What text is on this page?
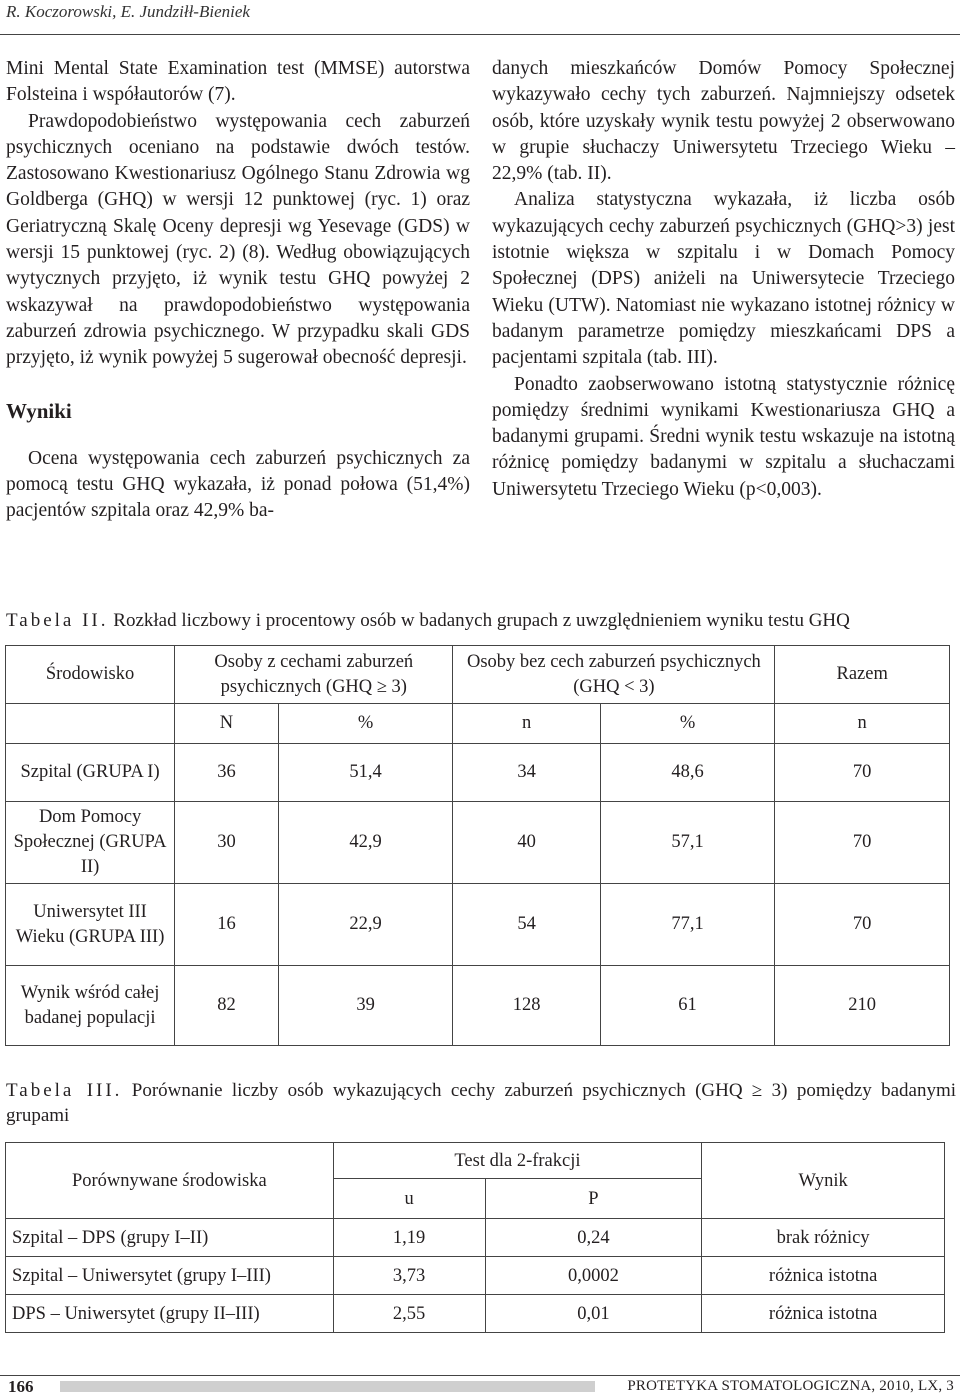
R. Koczorowski, E. Jundziłł-Bieniek

Mini Mental State Examination test (MMSE) autorstwa Folsteina i współautorów (7).

Prawdopodobieństwo występowania cech zaburzeń psychicznych oceniano na podstawie dwóch testów. Zastosowano Kwestionariusz Ogólnego Stanu Zdrowia wg Goldberga (GHQ) w wersji 12 punktowej (ryc. 1) oraz Geriatryczną Skalę Oceny depresji wg Yesevage (GDS) w wersji 15 punktowej (ryc. 2) (8). Według obowiązujących wytycznych przyjęto, iż wynik testu GHQ powyżej 2 wskazywał na prawdopodobieństwo występowania zaburzeń zdrowia psychicznego. W przypadku skali GDS przyjęto, iż wynik powyżej 5 sugerował obecność depresji.

Wyniki

Ocena występowania cech zaburzeń psychicznych za pomocą testu GHQ wykazała, iż ponad połowa (51,4%) pacjentów szpitala oraz 42,9% ba-

danych mieszkańców Domów Pomocy Społecznej wykazywało cechy tych zaburzeń. Najmniejszy odsetek osób, które uzyskały wynik testu powyżej 2 obserwowano w grupie słuchaczy Uniwersytetu Trzeciego Wieku – 22,9% (tab. II).

Analiza statystyczna wykazała, iż liczba osób wykazujących cechy zaburzeń psychicznych (GHQ>3) jest istotnie większa w szpitalu i w Domach Pomocy Społecznej (DPS) aniżeli na Uniwersytecie Trzeciego Wieku (UTW). Natomiast nie wykazano istotnej różnicy w badanym parametrze pomiędzy mieszkańcami DPS a pacjentami szpitala (tab. III).

Ponadto zaobserwowano istotną statystycznie różnicę pomiędzy średnimi wynikami Kwestionariusza GHQ a badanymi grupami. Średni wynik testu wskazuje na istotną różnicę pomiędzy badanymi w szpitalu a słuchaczami Uniwersytetu Trzeciego Wieku (p<0,003).

Tabela II. Rozkład liczbowy i procentowy osób w badanych grupach z uwzględnieniem wyniku testu GHQ
Środowisko	Osoby z cechami zaburzeń psychicznych (GHQ ≥ 3)		Osoby bez cech zaburzeń psychicznych (GHQ < 3)		Razem
	N	%	n	%	n
Szpital (GRUPA I)	36	51,4	34	48,6	70
Dom Pomocy Społecznej (GRUPA II)	30	42,9	40	57,1	70
Uniwersytet III Wieku (GRUPA III)	16	22,9	54	77,1	70
Wynik wśród całej badanej populacji	82	39	128	61	210
Tabela III. Porównanie liczby osób wykazujących cechy zaburzeń psychicznych (GHQ ≥ 3) pomiędzy badanymi grupami
Porównywane środowiska	Test dla 2-frakcji		Wynik
	u	P	
Szpital – DPS (grupy I–II)	1,19	0,24	brak różnicy
Szpital – Uniwersytet (grupy I–III)	3,73	0,0002	różnica istotna
DPS – Uniwersytet (grupy II–III)	2,55	0,01	różnica istotna
166	PROTETYKA STOMATOLOGICZNA, 2010, LX, 3
